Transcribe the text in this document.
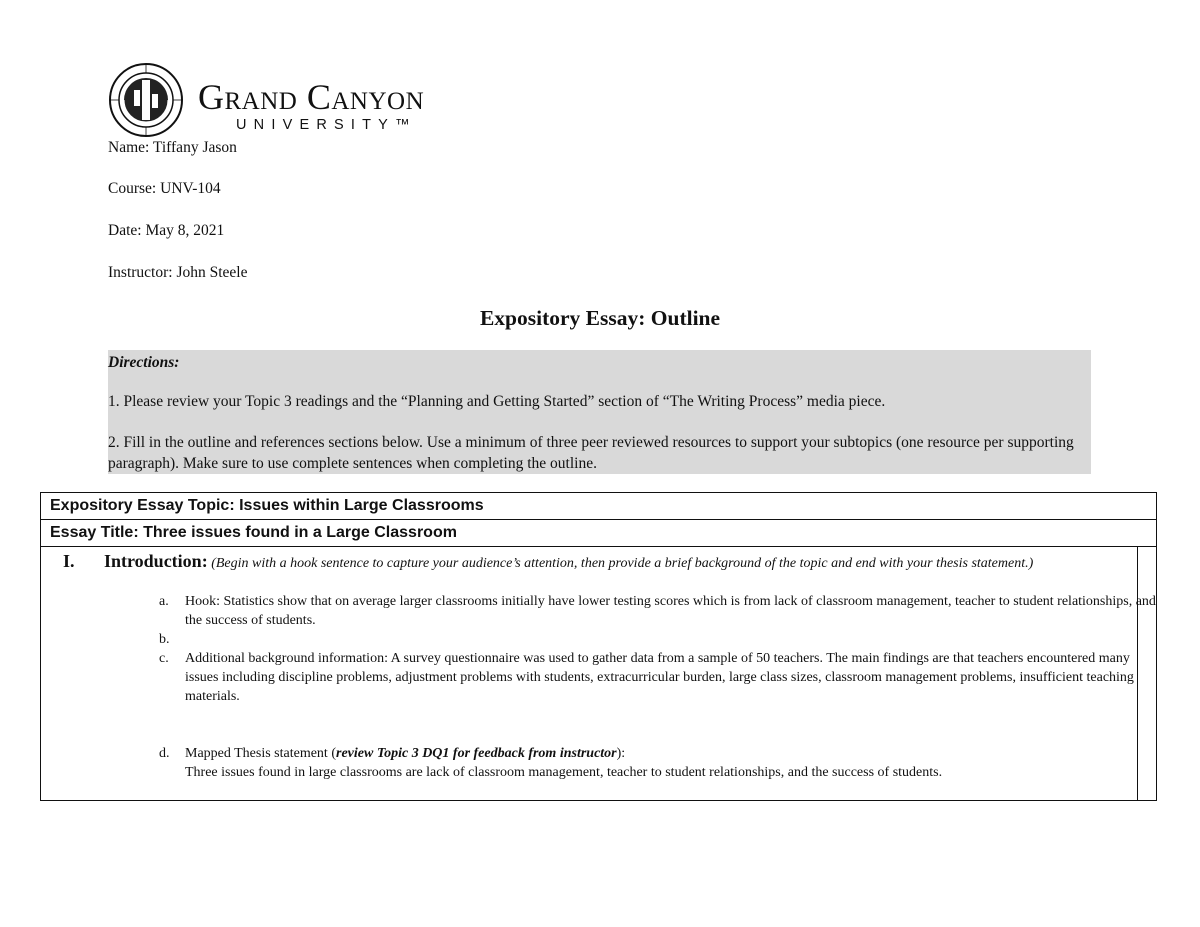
Grand Canyon
UNIVERSITY™
Name: Tiffany Jason
Course: UNV-104
Date: May 8, 2021
Instructor: John Steele
Expository Essay: Outline
Directions:
1. Please review your Topic 3 readings and the “Planning and Getting Started” section of “The Writing Process” media piece.
2. Fill in the outline and references sections below. Use a minimum of three peer reviewed resources to support your subtopics (one resource per supporting paragraph). Make sure to use complete sentences when completing the outline.
Expository Essay Topic: Issues within Large Classrooms
Essay Title: Three issues found in a Large Classroom
I. Introduction: (Begin with a hook sentence to capture your audience’s attention, then provide a brief background of the topic and end with your thesis statement.)
a. Hook: Statistics show that on average larger classrooms initially have lower testing scores which is from lack of classroom management, teacher to student relationships, and the success of students.
b.
c. Additional background information: A survey questionnaire was used to gather data from a sample of 50 teachers. The main findings are that teachers encountered many issues including discipline problems, adjustment problems with students, extracurricular burden, large class sizes, classroom management problems, insufficient teaching materials.
d. Mapped Thesis statement (review Topic 3 DQ1 for feedback from instructor):
Three issues found in large classrooms are lack of classroom management, teacher to student relationships, and the success of students.
